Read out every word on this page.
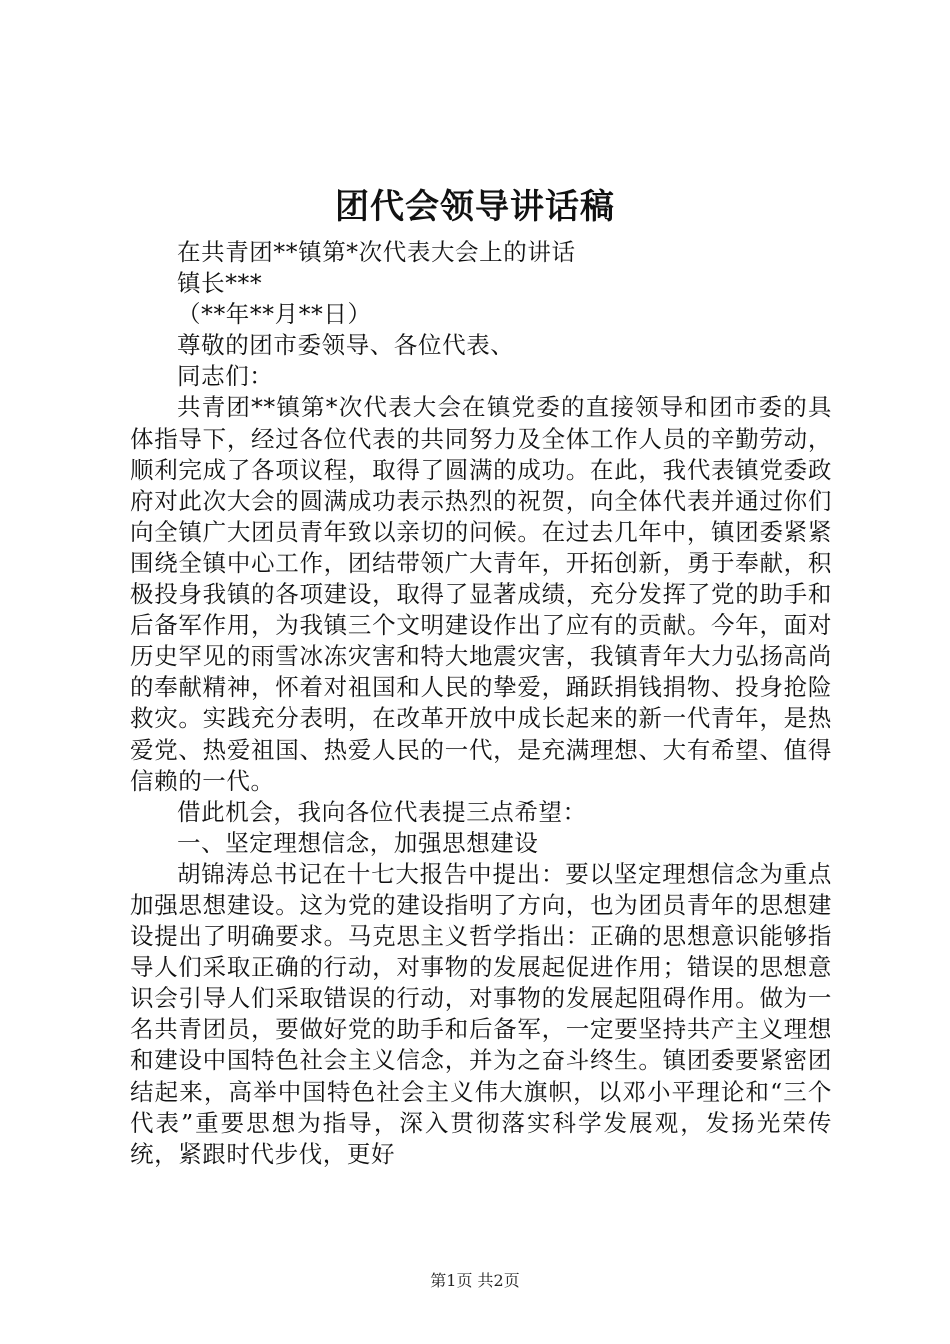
团代会领导讲话稿

在共青团**镇第*次代表大会上的讲话

镇长***

（**年**月**日）

尊敬的团市委领导、各位代表、

同志们：

共青团**镇第*次代表大会在镇党委的直接领导和团市委的具体指导下，经过各位代表的共同努力及全体工作人员的辛勤劳动，顺利完成了各项议程，取得了圆满的成功。在此，我代表镇党委政府对此次大会的圆满成功表示热烈的祝贺，向全体代表并通过你们向全镇广大团员青年致以亲切的问候。在过去几年中，镇团委紧紧围绕全镇中心工作，团结带领广大青年，开拓创新，勇于奉献，积极投身我镇的各项建设，取得了显著成绩，充分发挥了党的助手和后备军作用，为我镇三个文明建设作出了应有的贡献。今年，面对历史罕见的雨雪冰冻灾害和特大地震灾害，我镇青年大力弘扬高尚的奉献精神，怀着对祖国和人民的挚爱，踊跃捐钱捐物、投身抢险救灾。实践充分表明，在改革开放中成长起来的新一代青年，是热爱党、热爱祖国、热爱人民的一代，是充满理想、大有希望、值得信赖的一代。

借此机会，我向各位代表提三点希望：

一、坚定理想信念，加强思想建设

胡锦涛总书记在十七大报告中提出：要以坚定理想信念为重点加强思想建设。这为党的建设指明了方向，也为团员青年的思想建设提出了明确要求。马克思主义哲学指出：正确的思想意识能够指导人们采取正确的行动，对事物的发展起促进作用；错误的思想意识会引导人们采取错误的行动，对事物的发展起阻碍作用。做为一名共青团员，要做好党的助手和后备军，一定要坚持共产主义理想和建设中国特色社会主义信念，并为之奋斗终生。镇团委要紧密团结起来，高举中国特色社会主义伟大旗帜，以邓小平理论和“三个代表”重要思想为指导，深入贯彻落实科学发展观，发扬光荣传统，紧跟时代步伐，更好

第1页 共2页
